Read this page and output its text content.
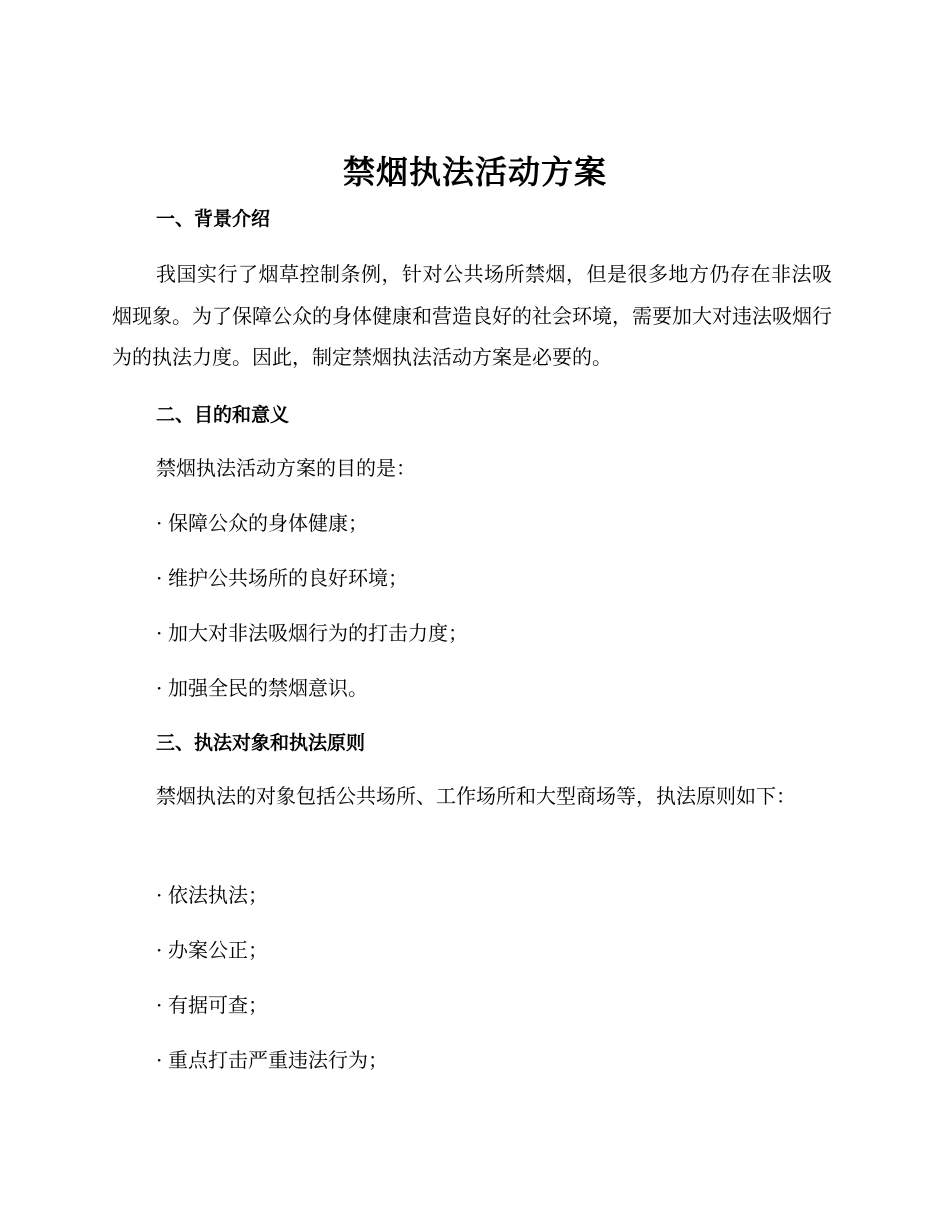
禁烟执法活动方案
一、背景介绍

我国实行了烟草控制条例，针对公共场所禁烟，但是很多地方仍存在非法吸烟现象。为了保障公众的身体健康和营造良好的社会环境，需要加大对违法吸烟行为的执法力度。因此，制定禁烟执法活动方案是必要的。

二、目的和意义
禁烟执法活动方案的目的是：
· 保障公众的身体健康；
· 维护公共场所的良好环境；
· 加大对非法吸烟行为的打击力度；
· 加强全民的禁烟意识。
三、执法对象和执法原则

禁烟执法的对象包括公共场所、工作场所和大型商场等，执法原则如下：

· 依法执法；
· 办案公正；
· 有据可查；
· 重点打击严重违法行为；
